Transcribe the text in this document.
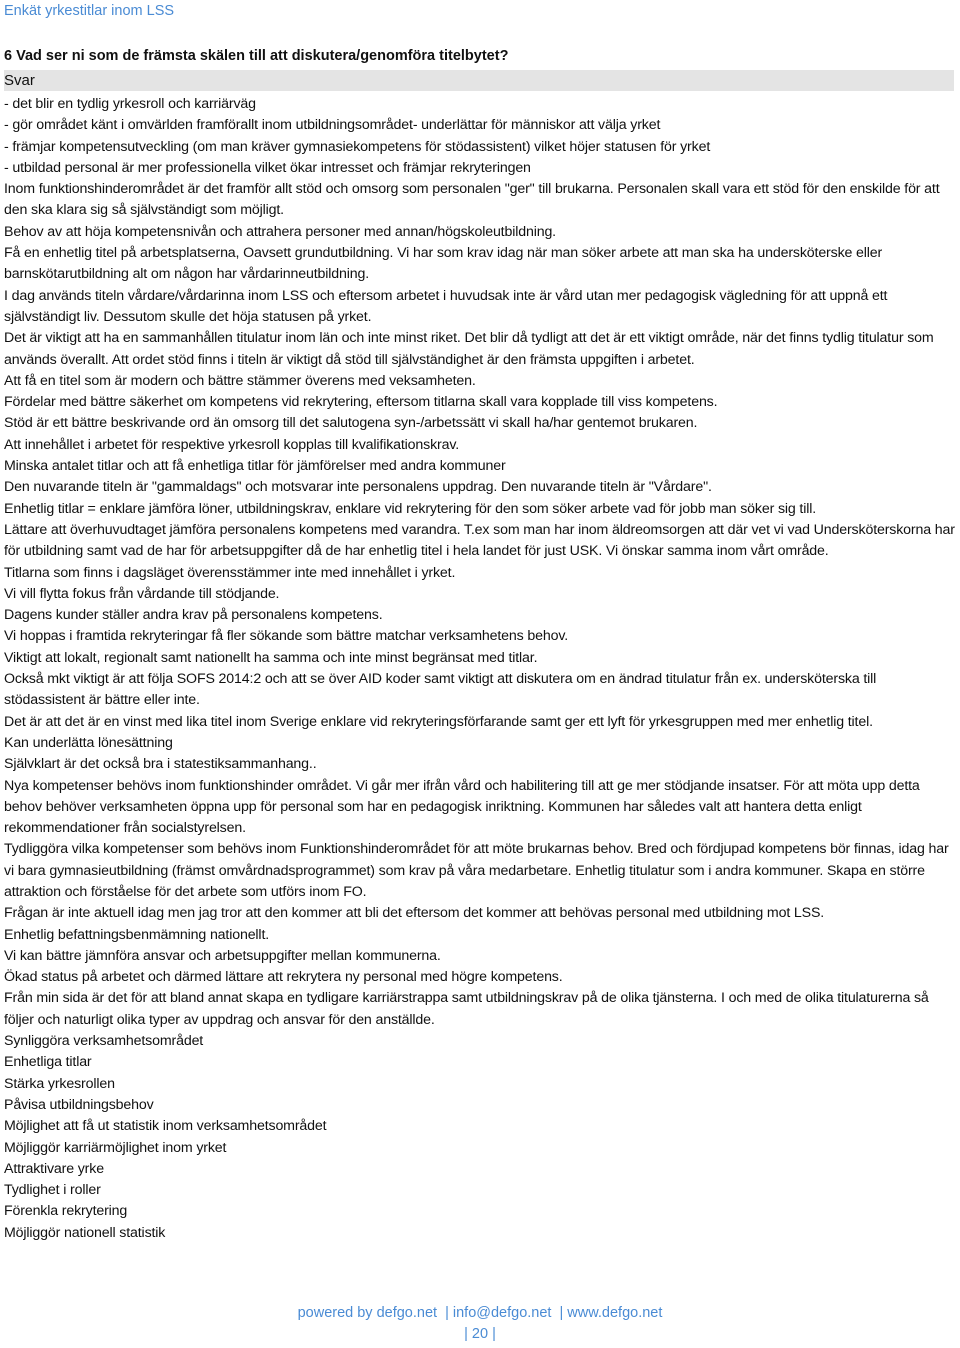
Enkät yrkestitlar inom LSS
6 Vad ser ni som de främsta skälen till att diskutera/genomföra titelbytet?
Svar
- det blir en tydlig yrkesroll och karriärväg
- gör området känt i omvärlden framförallt inom utbildningsområdet- underlättar för människor att välja yrket
- främjar kompetensutveckling (om man kräver gymnasiekompetens för stödassistent) vilket höjer statusen för yrket
- utbildad personal är mer professionella vilket ökar intresset och främjar rekryteringen
Inom funktionshinderområdet är det framför allt stöd och omsorg som personalen "ger" till brukarna. Personalen skall vara ett stöd för den enskilde för att den ska klara sig så självständigt som möjligt.
Behov av att höja kompetensnivån och attrahera personer med annan/högskoleutbildning.
Få en enhetlig titel på arbetsplatserna, Oavsett grundutbildning. Vi har som krav idag när man söker arbete att man ska ha undersköterske eller barnskötarutbildning alt om någon har vårdarinneutbildning.
I dag används titeln vårdare/vårdarinna inom LSS och eftersom arbetet i huvudsak inte är vård utan mer pedagogisk vägledning för att uppnå ett självständigt liv. Dessutom skulle det höja statusen på yrket.
Det är viktigt att ha en sammanhållen titulatur inom län och inte minst riket. Det blir då tydligt att det är ett viktigt område, när det finns tydlig titulatur som används överallt. Att ordet stöd finns i titeln är viktigt då stöd till självständighet är den främsta uppgiften i arbetet.
Att få en titel som är modern och bättre stämmer överens med veksamheten.
Fördelar med bättre säkerhet om kompetens vid rekrytering, eftersom titlarna skall vara kopplade till viss kompetens.
Stöd är ett bättre beskrivande ord än omsorg till det salutogena syn-/arbetssätt vi skall ha/har gentemot brukaren.
Att innehållet i arbetet för respektive yrkesroll kopplas till kvalifikationskrav.
Minska antalet titlar och att få enhetliga titlar för jämförelser med andra kommuner
Den nuvarande titeln är "gammaldags" och motsvarar inte personalens uppdrag. Den nuvarande titeln är "Vårdare".
Enhetlig titlar = enklare jämföra löner, utbildningskrav, enklare vid rekrytering för den som söker arbete vad för jobb man söker sig till.
Lättare att överhuvudtaget jämföra personalens kompetens med varandra. T.ex som man har inom äldreomsorgen att där vet vi vad Undersköterskorna har för utbildning samt vad de har för arbetsuppgifter då de har enhetlig titel i hela landet för just USK. Vi önskar samma inom vårt område.
Titlarna som finns i dagsläget överensstämmer inte med innehållet i yrket.
Vi vill flytta fokus från vårdande till stödjande.
Dagens kunder ställer andra krav på personalens kompetens.
Vi hoppas i framtida rekryteringar få fler sökande som bättre matchar verksamhetens behov.
Viktigt att lokalt, regionalt samt nationellt ha samma och inte minst begränsat med titlar.
Också mkt viktigt är att följa SOFS 2014:2 och att se över AID koder samt viktigt att diskutera om en ändrad titulatur från ex. undersköterska till stödassistent är bättre eller inte.
Det är att det är en vinst med lika titel inom Sverige enklare vid rekryteringsförfarande samt ger ett lyft för yrkesgruppen med mer enhetlig titel.
Kan underlätta lönesättning
Självklart är det också bra i statestiksammanhang..
Nya kompetenser behövs inom funktionshinder området. Vi går mer ifrån vård och habilitering till att ge mer stödjande insatser. För att möta upp detta behov behöver verksamheten öppna upp för personal som har en pedagogisk inriktning. Kommunen har således valt att hantera detta enligt rekommendationer från socialstyrelsen.
Tydliggöra vilka kompetenser som behövs inom Funktionshinderområdet för att möte brukarnas behov. Bred och fördjupad kompetens bör finnas, idag har vi bara gymnasieutbildning (främst omvårdnadsprogrammet) som krav på våra medarbetare. Enhetlig titulatur som i andra kommuner. Skapa en större attraktion och förståelse för det arbete som utförs inom FO.
Frågan är inte aktuell idag men jag tror att den kommer att bli det eftersom det kommer att behövas personal med utbildning mot LSS.
Enhetlig befattningsbenmämning nationellt.
Vi kan bättre jämnföra ansvar och arbetsuppgifter mellan kommunerna.
Ökad status på arbetet och därmed lättare att rekrytera ny personal med högre kompetens.
Från min sida är det för att bland annat skapa en tydligare karriärstrappa samt utbildningskrav på de olika tjänsterna. I och med de olika titulaturerna så följer och naturligt olika typer av uppdrag och ansvar för den anställde.
Synliggöra verksamhetsområdet
Enhetliga titlar
Stärka yrkesrollen
Påvisa utbildningsbehov
Möjlighet att få ut statistik inom verksamhetsområdet
Möjliggör karriärmöjlighet inom yrket
Attraktivare yrke
Tydlighet i roller
Förenkla rekrytering
Möjliggör nationell statistik
powered by defgo.net | info@defgo.net | www.defgo.net
| 20 |
